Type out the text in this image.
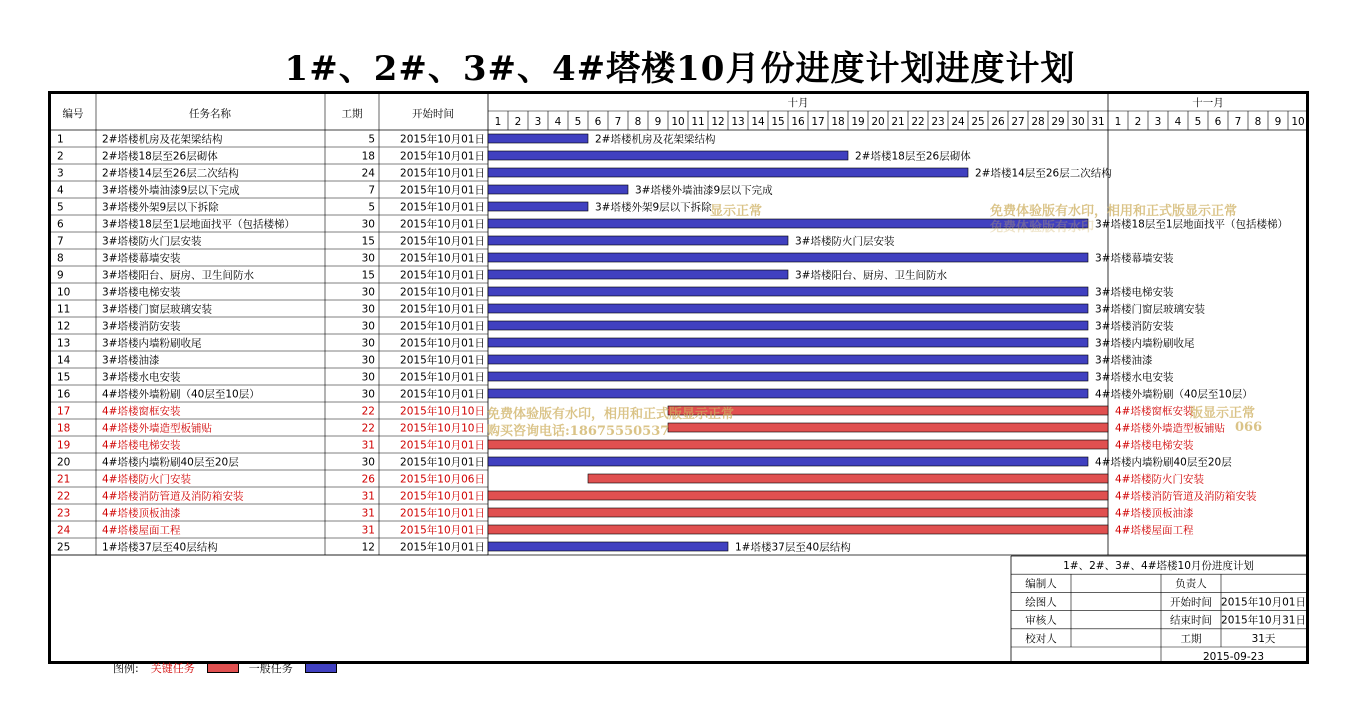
1#、2#、3#、4#塔楼10月份进度计划进度计划
编号	任务名称	工期	开始时间
十月
1 2 3 4 5 6 7 8 9 10 11 12 13 14 15 16 17 18 19 20 21 22 23 24 25 26 27 28 29 30 31
十一月
1 2 3 4 5 6 7 8 9 10
1	2#塔楼机房及花架梁结构	5 2015年10月01日	2#塔楼机房及花架梁结构
2	2#塔楼18层至26层砌体	18 2015年10月01日	2#塔楼18层至26层砌体
3	2#塔楼14层至26层二次结构	24 2015年10月01日	2#塔楼14层至26层二次结构
4	3#塔楼外墙油漆9层以下完成	7 2015年10月01日	3#塔楼外墙油漆9层以下完成
5	3#塔楼外架9层以下拆除	5 2015年10月01日	3#塔楼外架9层以下拆除
6	3#塔楼18层至1层地面找平（包括楼梯）	30 2015年10月01日	3#塔楼18层至1层地面找平（包括楼梯）
7	3#塔楼防火门层安装	15 2015年10月01日	3#塔楼防火门层安装
8	3#塔楼幕墙安装	30 2015年10月01日	3#塔楼幕墙安装
9	3#塔楼阳台、厨房、卫生间防水	15 2015年10月01日	3#塔楼阳台、厨房、卫生间防水
10	3#塔楼电梯安装	30 2015年10月01日	3#塔楼电梯安装
11	3#塔楼门窗层玻璃安装	30 2015年10月01日	3#塔楼门窗层玻璃安装
12	3#塔楼消防安装	30 2015年10月01日	3#塔楼消防安装
13	3#塔楼内墙粉刷收尾	30 2015年10月01日	3#塔楼内墙粉刷收尾
14	3#塔楼油漆	30 2015年10月01日	3#塔楼油漆
15	3#塔楼水电安装	30 2015年10月01日	3#塔楼水电安装
16	4#塔楼外墙粉刷（40层至10层）	30 2015年10月01日	4#塔楼外墙粉刷（40层至10层）
17	4#塔楼窗框安装	22 2015年10月10日	4#塔楼窗框安装
18	4#塔楼外墙造型板铺贴	22 2015年10月10日	4#塔楼外墙造型板铺贴
19	4#塔楼电梯安装	31 2015年10月01日	4#塔楼电梯安装
20	4#塔楼内墙粉刷40层至20层	30 2015年10月01日	4#塔楼内墙粉刷40层至20层
21	4#塔楼防火门安装	26 2015年10月06日	4#塔楼防火门安装
22	4#塔楼消防管道及消防箱安装	31 2015年10月01日	4#塔楼消防管道及消防箱安装
23	4#塔楼顶板油漆	31 2015年10月01日	4#塔楼顶板油漆
24	4#塔楼屋面工程	31 2015年10月01日	4#塔楼屋面工程
25	1#塔楼37层至40层结构	12 2015年10月01日	1#塔楼37层至40层结构
1#、2#、3#、4#塔楼10月份进度计划
编制人	负责人
绘图人	开始时间 2015年10月01日
审核人	结束时间 2015年10月31日
校对人	工期	31天
2015-09-23
图例: 关键任务	一般任务
免费体验版有水印，相用和正式版显示正常
购买咨询电话:18675550537
免费体验版有水印，相用和正式版显示正常
免费体验版有水印
显示正常
版显示正常
066
